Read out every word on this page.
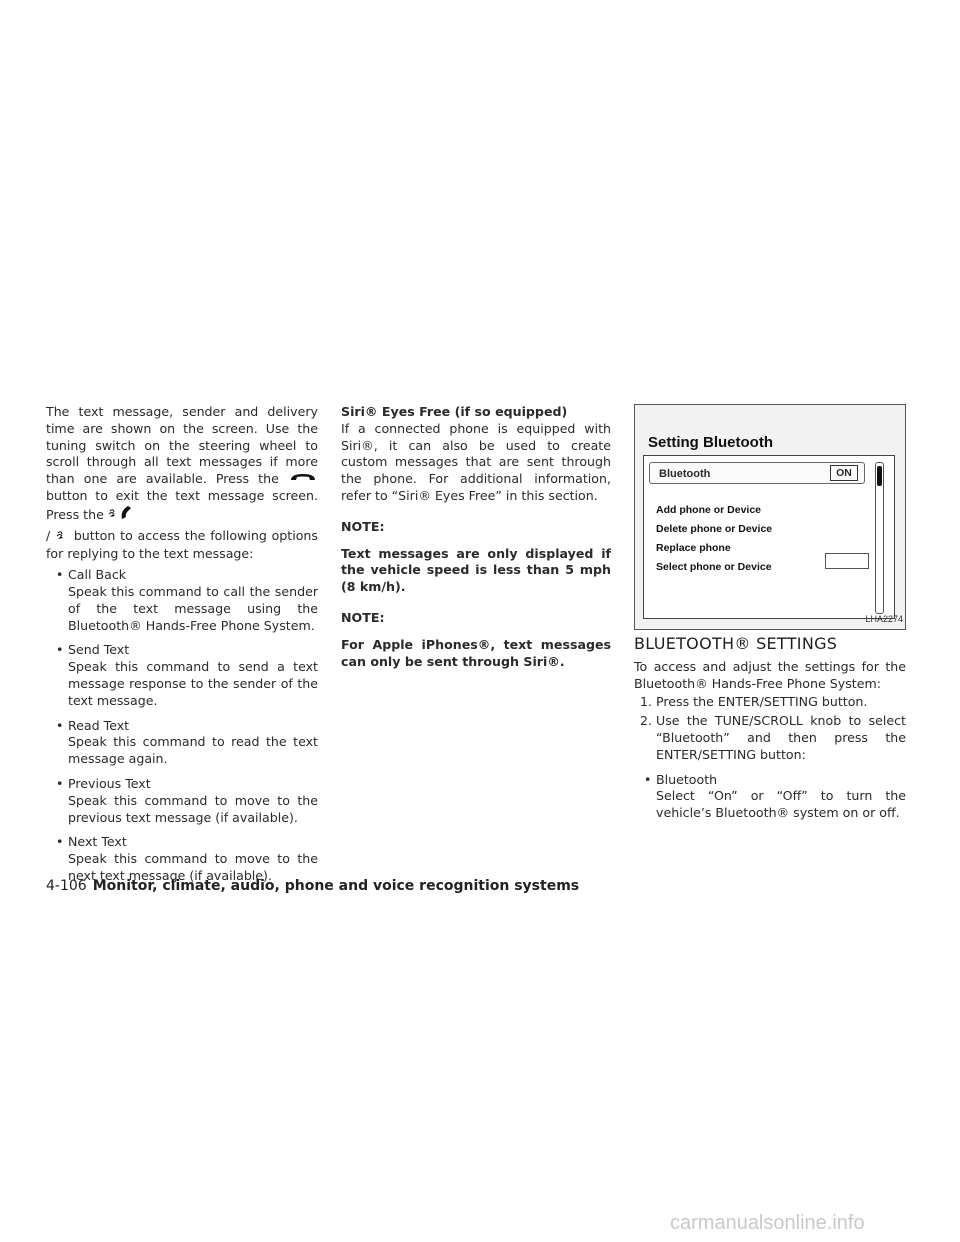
The text message, sender and delivery time are shown on the screen. Use the tuning switch on the steering wheel to scroll through all text messages if more than one are available. Press the  button to exit the text message screen. Press the
/ button to access the following options for replying to the text message:

• Call Back
Speak this command to call the sender of the text message using the Bluetooth® Hands-Free Phone System.
• Send Text
Speak this command to send a text message response to the sender of the text message.
• Read Text
Speak this command to read the text message again.
• Previous Text
Speak this command to move to the previous text message (if available).
• Next Text
Speak this command to move to the next text message (if available).

Siri® Eyes Free (if so equipped)

If a connected phone is equipped with Siri®, it can also be used to create custom messages that are sent through the phone. For additional information, refer to “Siri® Eyes Free” in this section.

NOTE:

Text messages are only displayed if the vehicle speed is less than 5 mph (8 km/h).

NOTE:

For Apple iPhones®, text messages can only be sent through Siri®.

Setting Bluetooth
Bluetooth	ON
Add phone or Device
Delete phone or Device
Replace phone
Select phone or Device
LHA2274
BLUETOOTH® SETTINGS

To access and adjust the settings for the Bluetooth® Hands-Free Phone System:

1. Press the ENTER/SETTING button.
2. Use the TUNE/SCROLL knob to select “Bluetooth” and then press the ENTER/SETTING button:
• Bluetooth
Select “On” or “Off” to turn the vehicle’s Bluetooth® system on or off.
4-106 Monitor, climate, audio, phone and voice recognition systems
carmanualsonline.info
